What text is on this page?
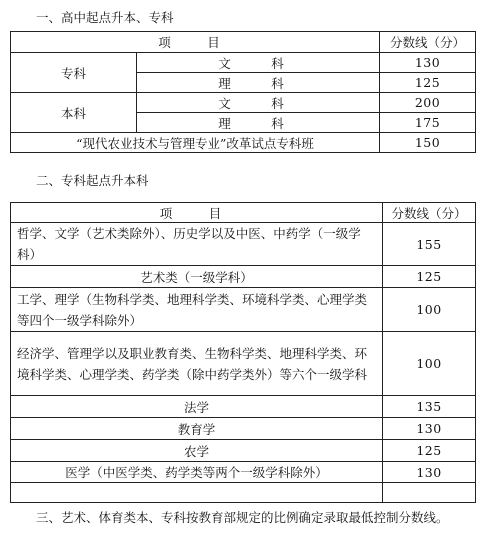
一、高中起点升本、专科
项　目		分数线（分）
专科	文　科	130
	理　科	125
本科	文　科	200
	理　科	175
“现代农业技术与管理专业”改革试点专科班		150
二、专科起点升本科
项　目	分数线（分）
哲学、文学（艺术类除外）、历史学以及中医、中药学（一级学科）	155
艺术类（一级学科）	125
工学、理学（生物科学类、地理科学类、环境科学类、心理学类等四个一级学科除外）	100
经济学、管理学以及职业教育类、生物科学类、地理科学类、环境科学类、心理学类、药学类（除中药学类外）等六个一级学科	100
法学	135
教育学	130
农学	125
医学（中医学类、药学类等两个一级学科除外）	130

三、艺术、体育类本、专科按教育部规定的比例确定录取最低控制分数线。
